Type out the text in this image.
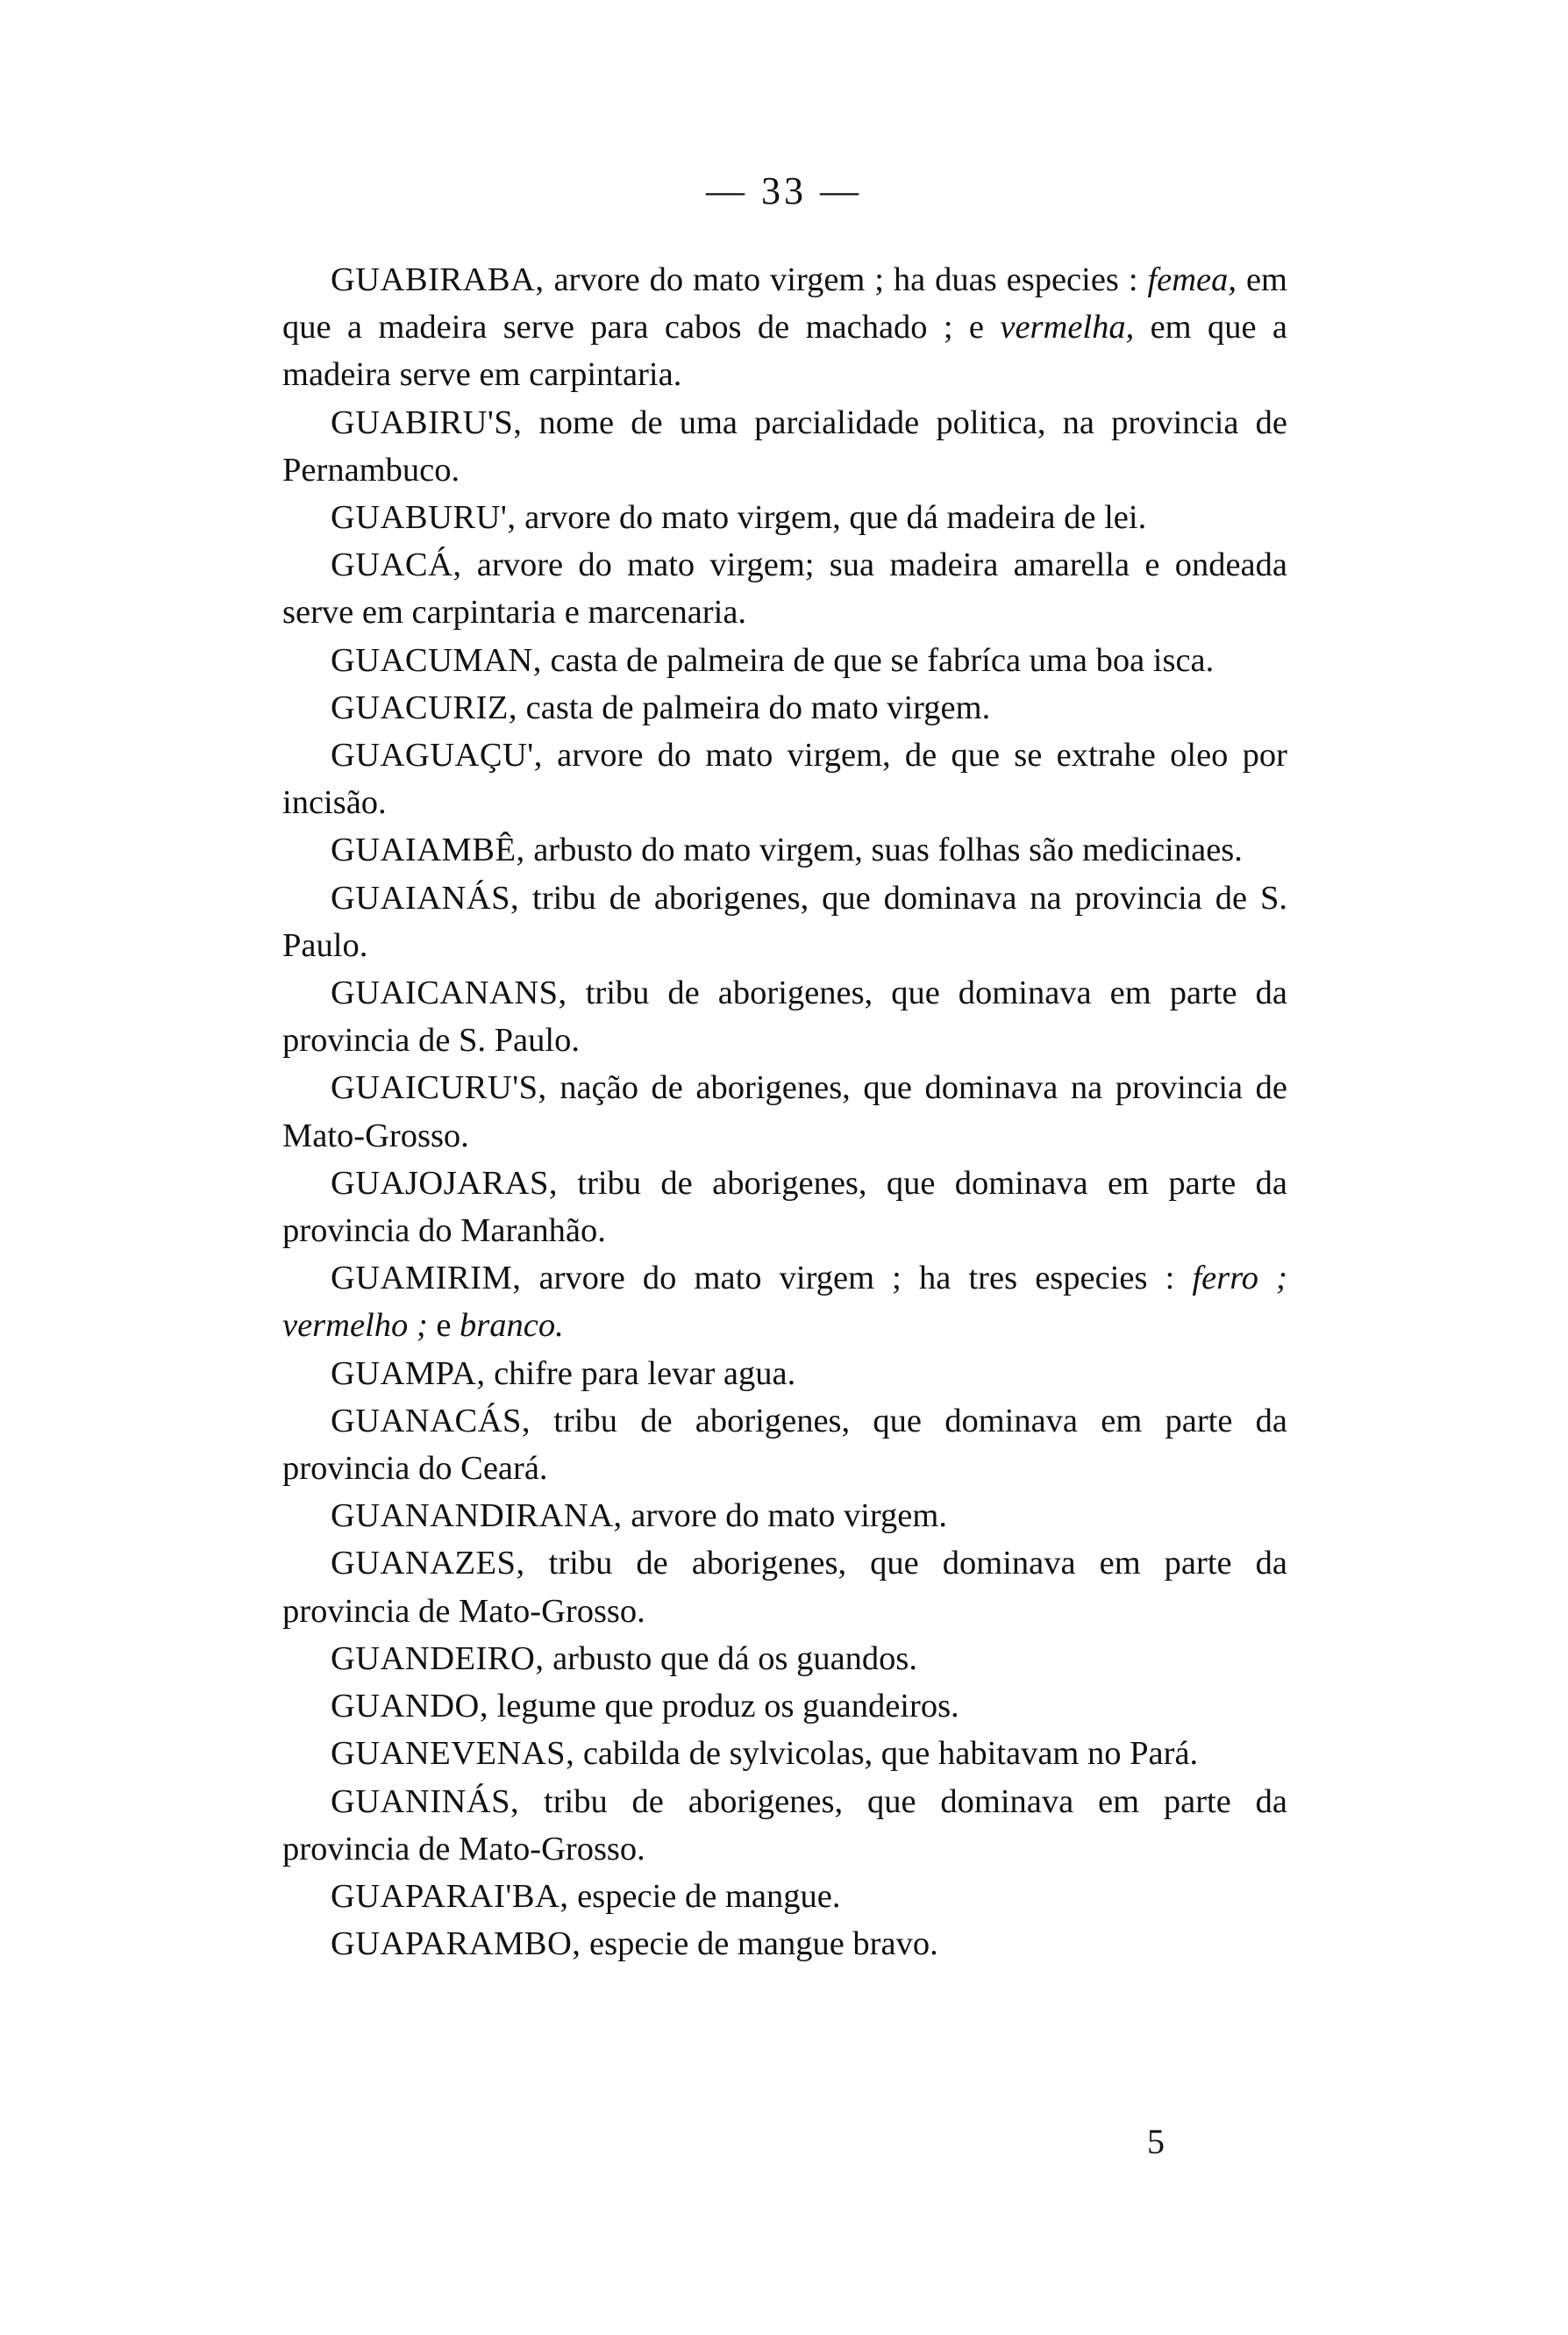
— 33 —

GUABIRABA, arvore do mato virgem ; ha duas especies : femea, em que a madeira serve para cabos de machado ; e vermelha, em que a madeira serve em carpintaria.

GUABIRU'S, nome de uma parcialidade politica, na provincia de Pernambuco.

GUABURU', arvore do mato virgem, que dá madeira de lei.

GUACÁ, arvore do mato virgem; sua madeira amarella e ondeada serve em carpintaria e marcenaria.

GUACUMAN, casta de palmeira de que se fabríca uma boa isca.

GUACURIZ, casta de palmeira do mato virgem.

GUAGUAÇU', arvore do mato virgem, de que se extrahe oleo por incisão.

GUAIAMBÊ, arbusto do mato virgem, suas folhas são medicinaes.

GUAIANÁS, tribu de aborigenes, que dominava na provincia de S. Paulo.

GUAICANANS, tribu de aborigenes, que dominava em parte da provincia de S. Paulo.

GUAICURU'S, nação de aborigenes, que dominava na provincia de Mato-Grosso.

GUAJOJARAS, tribu de aborigenes, que dominava em parte da provincia do Maranhão.

GUAMIRIM, arvore do mato virgem ; ha tres especies : ferro ; vermelho ; e branco.

GUAMPA, chifre para levar agua.

GUANACÁS, tribu de aborigenes, que dominava em parte da provincia do Ceará.

GUANANDIRANA, arvore do mato virgem.

GUANAZES, tribu de aborigenes, que dominava em parte da provincia de Mato-Grosso.

GUANDEIRO, arbusto que dá os guandos.

GUANDO, legume que produz os guandeiros.

GUANEVENAS, cabilda de sylvicolas, que habitavam no Pará.

GUANINÁS, tribu de aborigenes, que dominava em parte da provincia de Mato-Grosso.

GUAPARAI'BA, especie de mangue.

GUAPARAMBO, especie de mangue bravo.

5
